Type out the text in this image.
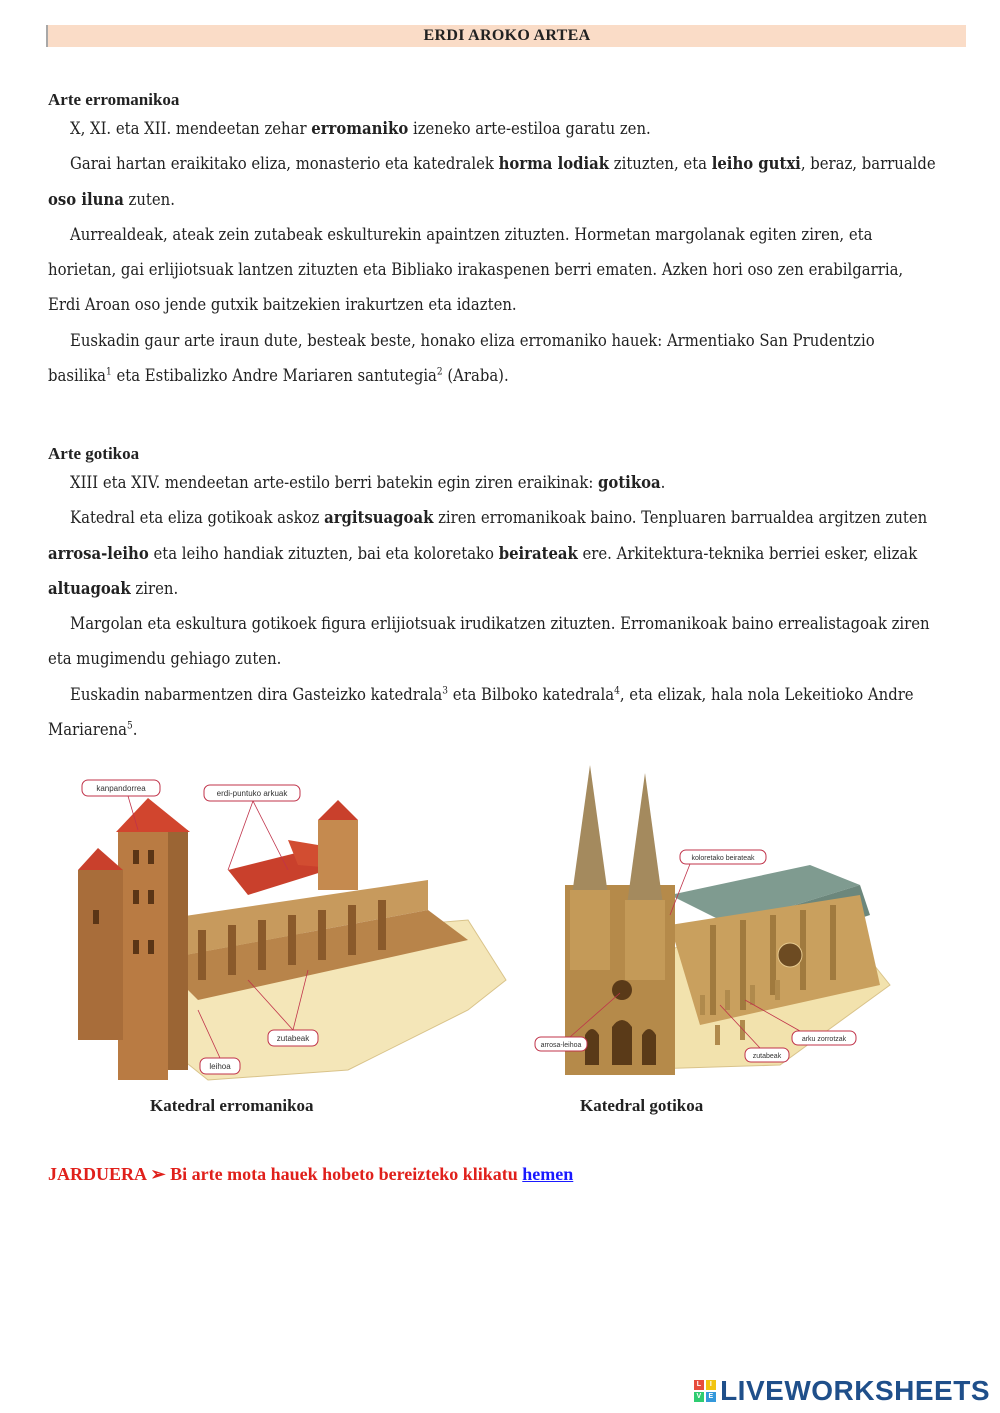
ERDI AROKO ARTEA
Arte erromanikoa

X, XI. eta XII. mendeetan zehar erromaniko izeneko arte-estiloa garatu zen.

Garai hartan eraikitako eliza, monasterio eta katedralek horma lodiak zituzten, eta leiho gutxi, beraz, barrualde oso iluna zuten.

Aurrealdeak, ateak zein zutabeak eskulturekin apaintzen zituzten. Hormetan margolanak egiten ziren, eta horietan, gai erlijiotsuak lantzen zituzten eta Bibliako irakaspenen berri ematen. Azken hori oso zen erabilgarria, Erdi Aroan oso jende gutxik baitzekien irakurtzen eta idazten.

Euskadin gaur arte iraun dute, besteak beste, honako eliza erromaniko hauek: Armentiako San Prudentzio basilika$^1$ eta Estibalizko Andre Mariaren santutegia$^2$ (Araba).

Arte gotikoa

XIII eta XIV. mendeetan arte-estilo berri batekin egin ziren eraikinak: gotikoa.

Katedral eta eliza gotikoak askoz argitsuagoak ziren erromanikoak baino. Tenpluaren barrualdea argitzen zuten arrosa-leiho eta leiho handiak zituzten, bai eta koloretako beirateak ere. Arkitektura-teknika berriei esker, elizak altuagoak ziren.

Margolan eta eskultura gotikoek figura erlijiotsuak irudikatzen zituzten. Erromanikoak baino errealistagoak ziren eta mugimendu gehiago zuten.

Euskadin nabarmentzen dira Gasteizko katedrala$^3$ eta Bilboko katedrala$^4$, eta elizak, hala nola Lekeitioko Andre Mariarena$^5$.

kanpandorrea
erdi-puntuko arkuak
zutabeak
leihoa
koloretako beirateak
arrosa-leihoa
zutabeak
arku zorrotzak
Katedral erromanikoa	Katedral gotikoa
JARDUERA ➢ Bi arte mota hauek hobeto bereizteko klikatu hemen
L	I
V E LIVEWORKSHEETS
